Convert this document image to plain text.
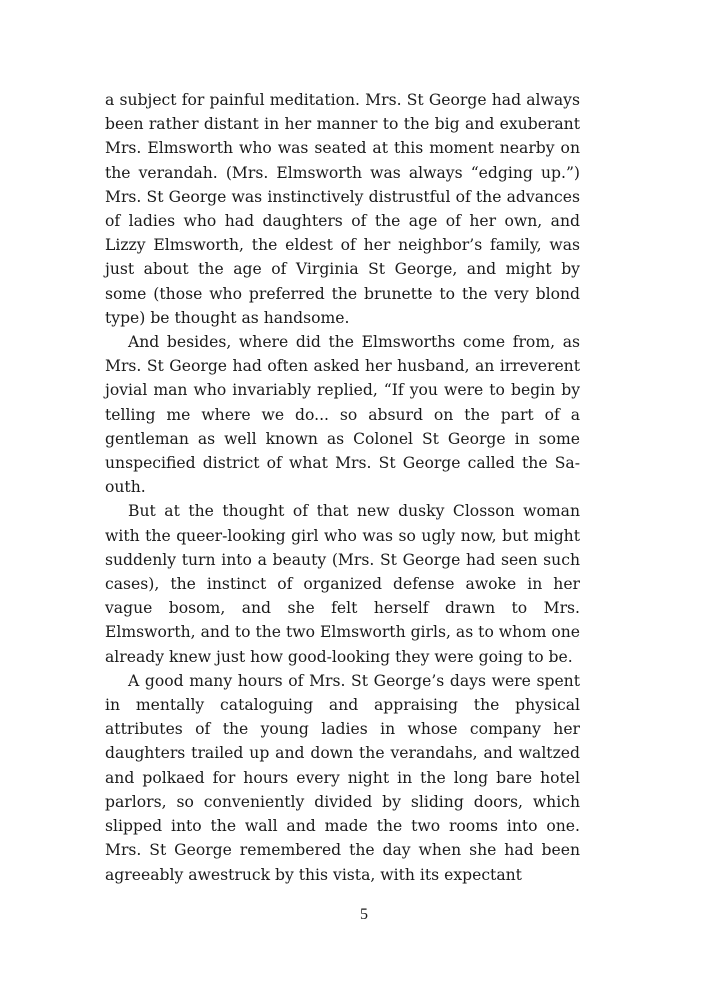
a subject for painful meditation. Mrs. St George had always been rather distant in her manner to the big and exuberant Mrs. Elmsworth who was seated at this moment nearby on the verandah. (Mrs. Elmsworth was always “edging up.”) Mrs. St George was instinctively distrustful of the advances of ladies who had daughters of the age of her own, and Lizzy Elmsworth, the eldest of her neighbor’s family, was just about the age of Virginia St George, and might by some (those who preferred the brunette to the very blond type) be thought as handsome.

And besides, where did the Elmsworths come from, as Mrs. St George had often asked her husband, an irreverent jovial man who invariably replied, “If you were to begin by telling me where we do... so absurd on the part of a gentleman as well known as Colonel St George in some unspecified district of what Mrs. St George called the Sa-outh.

But at the thought of that new dusky Closson woman with the queer-looking girl who was so ugly now, but might suddenly turn into a beauty (Mrs. St George had seen such cases), the instinct of organized defense awoke in her vague bosom, and she felt herself drawn to Mrs. Elmsworth, and to the two Elmsworth girls, as to whom one already knew just how good-looking they were going to be.

A good many hours of Mrs. St George’s days were spent in mentally cataloguing and appraising the physical attributes of the young ladies in whose company her daughters trailed up and down the verandahs, and waltzed and polkaed for hours every night in the long bare hotel parlors, so conveniently divided by sliding doors, which slipped into the wall and made the two rooms into one. Mrs. St George remembered the day when she had been agreeably awestruck by this vista, with its expectant

5
